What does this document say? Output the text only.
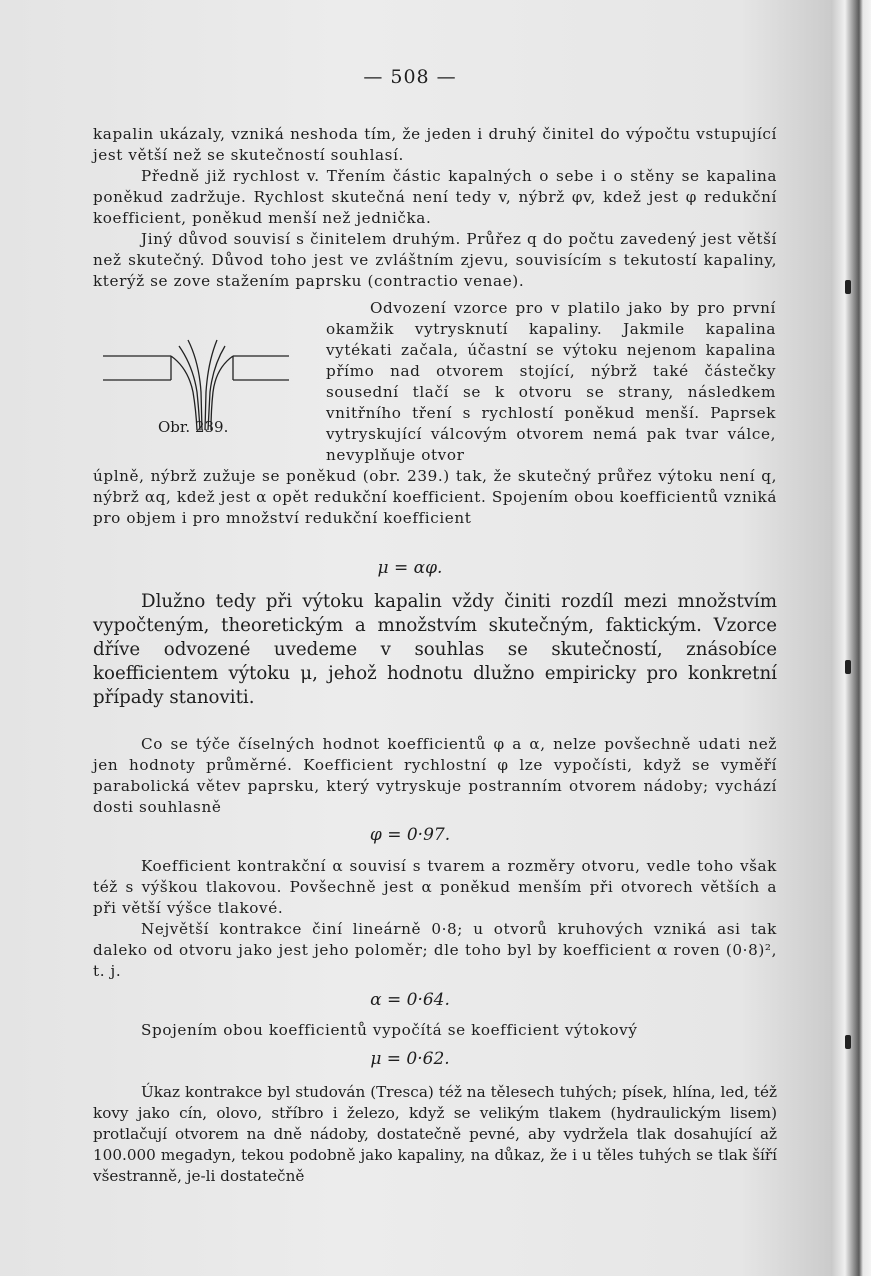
— 508 —

kapalin ukázaly, vzniká neshoda tím, že jeden i druhý činitel do výpočtu vstupující jest větší než se skutečností souhlasí.

Předně již rychlost v. Třením částic kapalných o sebe i o stěny se kapalina poněkud zadržuje. Rychlost skutečná není tedy v, nýbrž φv, kdež jest φ redukční koefficient, poněkud menší než jednička.

Jiný důvod souvisí s činitelem druhým. Průřez q do počtu zavedený jest větší než skutečný. Důvod toho jest ve zvláštním zjevu, souvisícím s tekutostí kapaliny, kterýž se zove stažením paprsku (contractio venae).

Obr. 239.

Odvození vzorce pro v platilo jako by pro první okamžik vytrysknutí kapaliny. Jakmile kapalina vytékati začala, účastní se výtoku nejenom kapalina přímo nad otvorem stojící, nýbrž také částečky sousední tlačí se k otvoru se strany, následkem vnitřního tření s rychlostí poněkud menší. Paprsek vytryskující válcovým otvorem nemá pak tvar válce, nevyplňuje otvor

úplně, nýbrž zužuje se poněkud (obr. 239.) tak, že skutečný průřez výtoku není q, nýbrž αq, kdež jest α opět redukční koefficient. Spojením obou koefficientů vzniká pro objem i pro množství redukční koefficient

μ = αφ.

Dlužno tedy při výtoku kapalin vždy činiti rozdíl mezi množstvím vypočteným, theoretickým a množstvím skutečným, faktickým. Vzorce dříve odvozené uvedeme v souhlas se skutečností, znásobíce koefficientem výtoku μ, jehož hodnotu dlužno empiricky pro konkretní případy stanoviti.

Co se týče číselných hodnot koefficientů φ a α, nelze povšechně udati než jen hodnoty průměrné. Koefficient rychlostní φ lze vypočísti, když se vyměří parabolická větev paprsku, který vytryskuje postranním otvorem nádoby; vychází dosti souhlasně

φ = 0·97.

Koefficient kontrakční α souvisí s tvarem a rozměry otvoru, vedle toho však též s výškou tlakovou. Povšechně jest α poněkud menším při otvorech větších a při větší výšce tlakové.

Největší kontrakce činí lineárně 0·8; u otvorů kruhových vzniká asi tak daleko od otvoru jako jest jeho poloměr; dle toho byl by koefficient α roven (0·8)², t. j.

α = 0·64.

Spojením obou koefficientů vypočítá se koefficient výtokový

μ = 0·62.

Úkaz kontrakce byl studován (Tresca) též na tělesech tuhých; písek, hlína, led, též kovy jako cín, olovo, stříbro i železo, když se velikým tlakem (hydraulickým lisem) protlačují otvorem na dně nádoby, dostatečně pevné, aby vydržela tlak dosahující až 100.000 megadyn, tekou podobně jako kapaliny, na důkaz, že i u těles tuhých se tlak šíří všestranně, je-li dostatečně
